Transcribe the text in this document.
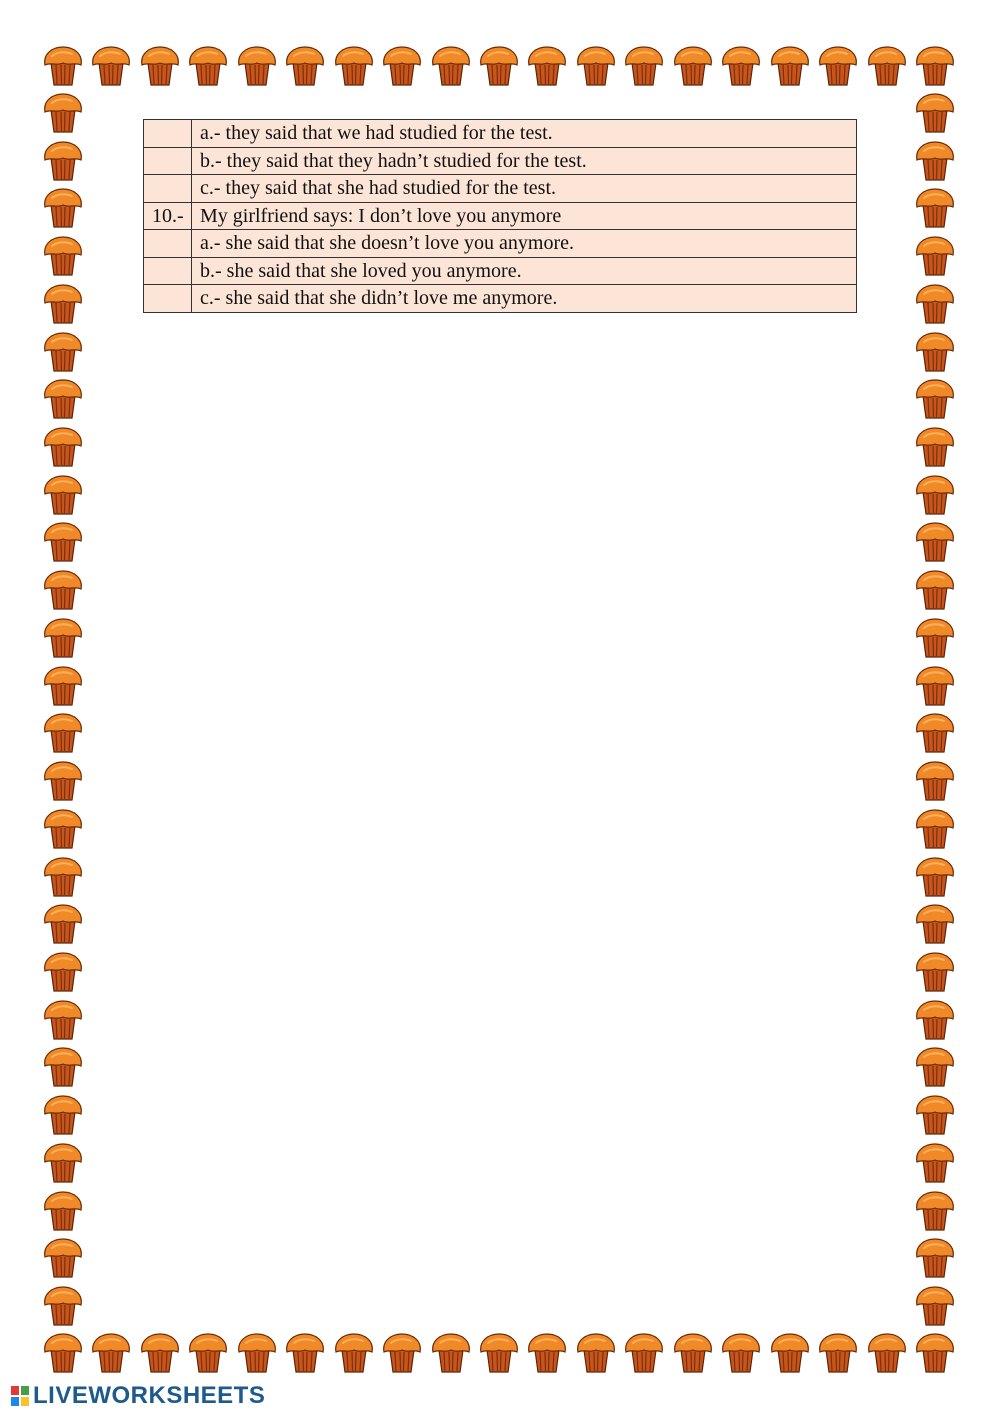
	a.- they said that we had studied for the test.
	b.- they said that they hadn’t studied for the test.
	c.- they said that she had studied for the test.
10.-	My girlfriend says: I don’t love you anymore
	a.- she said that she doesn’t love you anymore.
	b.- she said that she loved you anymore.
	c.- she said that she didn’t love me anymore.
LIVEWORKSHEETS
